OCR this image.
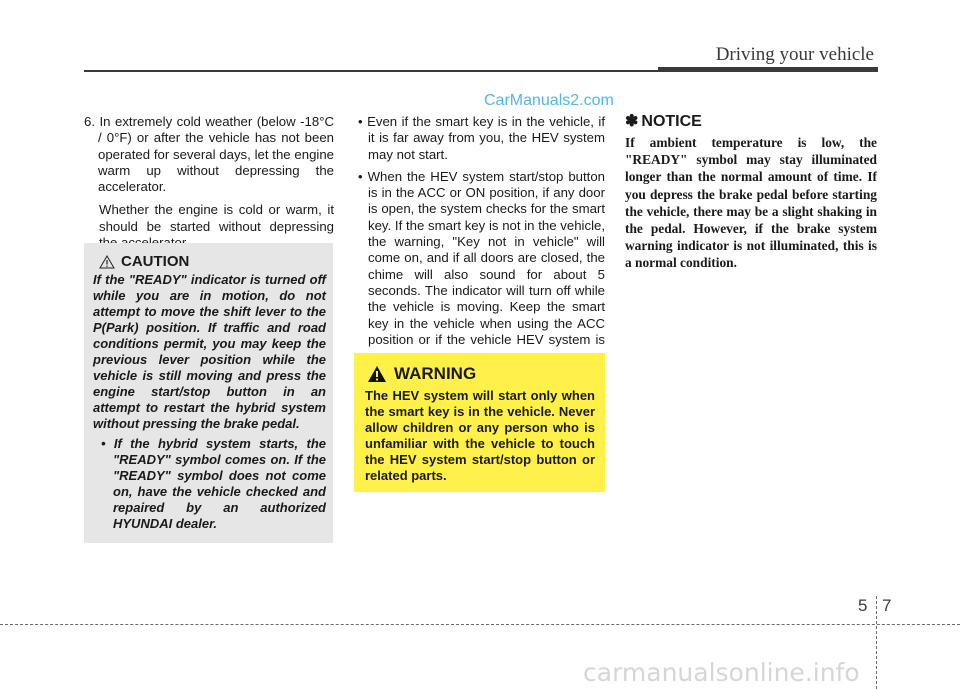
Driving your vehicle
CarManuals2.com

6. In extremely cold weather (below -18°C / 0°F) or after the vehicle has not been operated for several days, let the engine warm up without depressing the accelerator.

Whether the engine is cold or warm, it should be started without depressing

CAUTION

If the "READY" indicator is turned off while you are in motion, do not attempt to move the shift lever to the P(Park) position. If traffic and road conditions permit, you may keep the previous lever position while the vehicle is still moving and press the engine start/stop button in an attempt to restart the hybrid system without pressing the brake pedal.

• If the hybrid system starts, the "READY" symbol comes on. If the "READY" symbol does not come on, have the vehicle checked and repaired by an authorized HYUNDAI dealer.

• Even if the smart key is in the vehicle, if it is far away from you, the HEV system may not start.

• When the HEV system start/stop button is in the ACC or ON position, if any door is open, the system checks for the smart key. If the smart key is not in the vehicle, the warning, "Key not in vehicle" will come on, and if all doors are closed, the chime will also sound for about 5 seconds. The indicator will turn off while the vehicle is moving. Keep the smart key in the vehicle when using the ACC position or if the vehicle HEV system is

WARNING

The HEV system will start only when the smart key is in the vehicle. Never allow children or any person who is unfamiliar with the vehicle to touch the HEV system start/stop button or related parts.

✽ NOTICE

If ambient temperature is low, the "READY" symbol may stay illuminated longer than the normal amount of time. If you depress the brake pedal before starting the vehicle, there may be a slight shaking in the pedal. However, if the brake system warning indicator is not illuminated, this is a normal condition.

5 7
carmanualsonline.info
